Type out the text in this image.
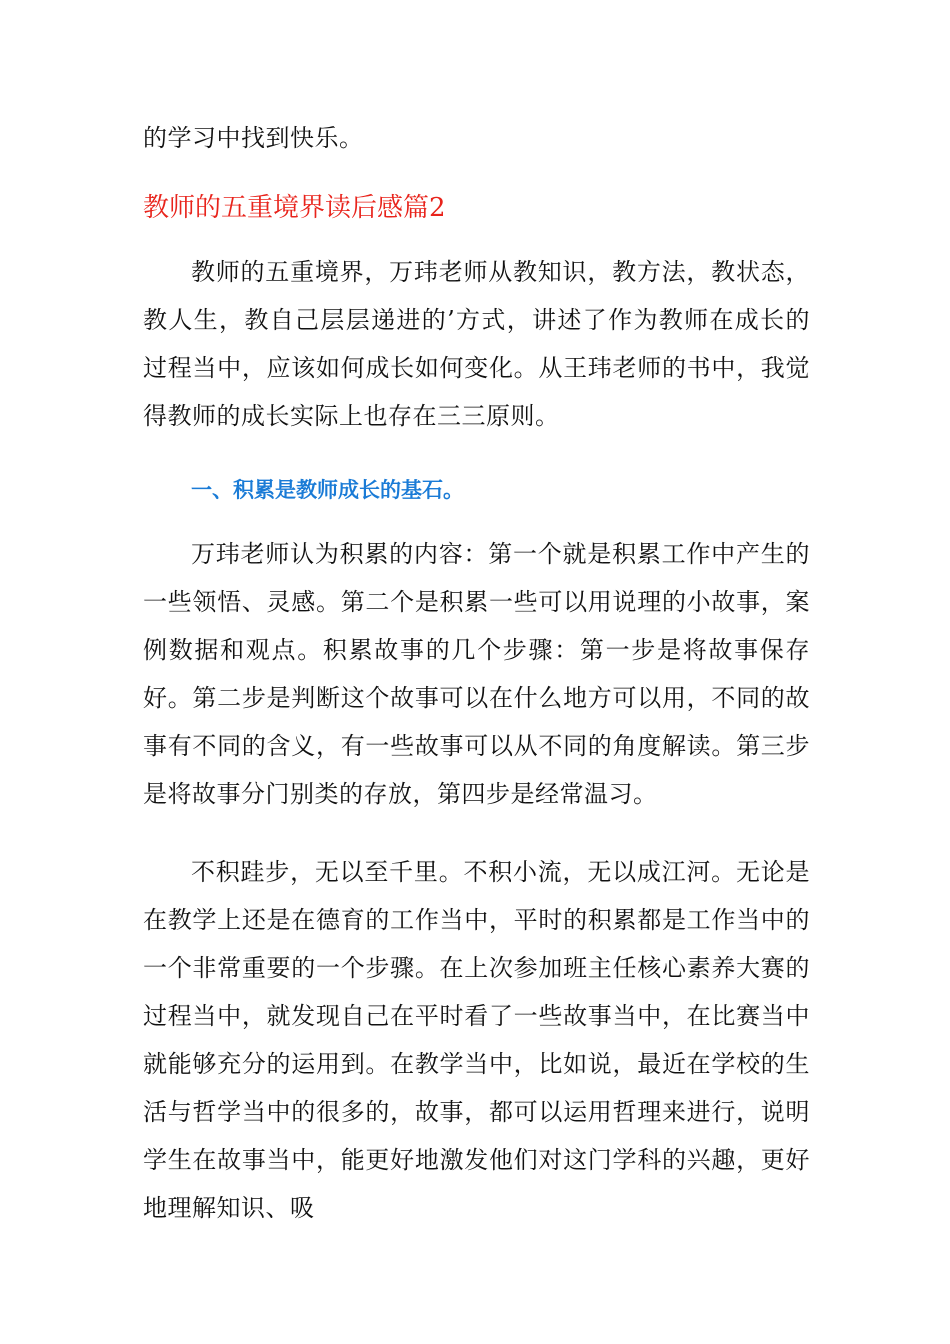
的学习中找到快乐。

教师的五重境界读后感篇2

教师的五重境界，万玮老师从教知识，教方法，教状态，教人生，教自己层层递进的’方式，讲述了作为教师在成长的过程当中，应该如何成长如何变化。从王玮老师的书中，我觉得教师的成长实际上也存在三三原则。

一、积累是教师成长的基石。

万玮老师认为积累的内容：第一个就是积累工作中产生的一些领悟、灵感。第二个是积累一些可以用说理的小故事，案例数据和观点。积累故事的几个步骤：第一步是将故事保存好。第二步是判断这个故事可以在什么地方可以用，不同的故事有不同的含义，有一些故事可以从不同的角度解读。第三步是将故事分门别类的存放，第四步是经常温习。

不积跬步，无以至千里。不积小流，无以成江河。无论是在教学上还是在德育的工作当中，平时的积累都是工作当中的一个非常重要的一个步骤。在上次参加班主任核心素养大赛的过程当中，就发现自己在平时看了一些故事当中，在比赛当中就能够充分的运用到。在教学当中，比如说，最近在学校的生活与哲学当中的很多的，故事，都可以运用哲理来进行，说明学生在故事当中，能更好地激发他们对这门学科的兴趣，更好地理解知识、吸
